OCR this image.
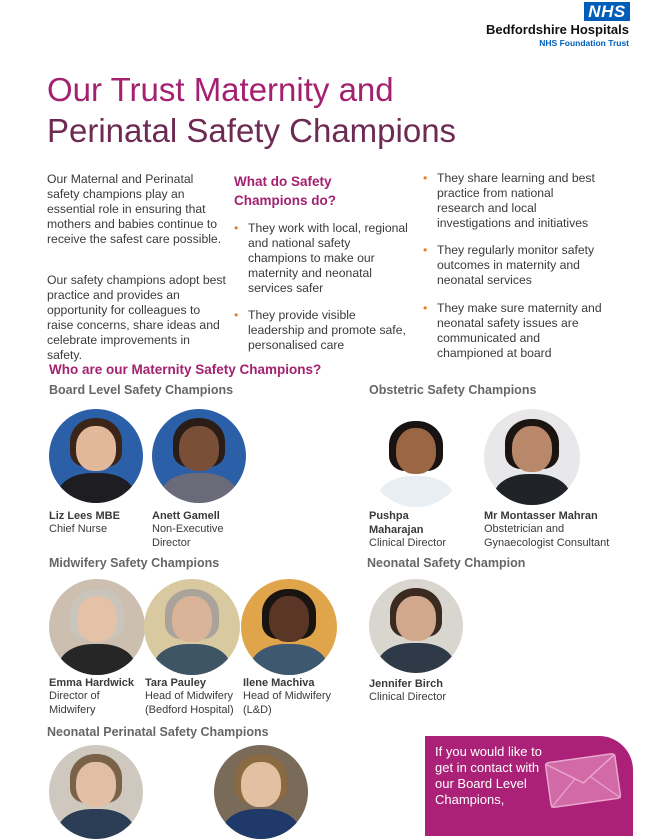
NHS
Bedfordshire Hospitals
NHS Foundation Trust
Our Trust Maternity and
Perinatal Safety Champions

Our Maternal and Perinatal safety champions play an essential role in ensuring that mothers and babies continue to receive the safest care possible.

Our safety champions adopt best practice and provides an opportunity for colleagues to raise concerns, share ideas and celebrate improvements in safety.

What do Safety Champions do?

• They work with local, regional and national safety champions to make our maternity and neonatal services safer
• They provide visible leadership and promote safe, personalised care
• They share learning and best practice from national research and local investigations and initiatives
• They regularly monitor safety outcomes in maternity and neonatal services
• They make sure maternity and neonatal safety issues are communicated and championed at board
Who are our Maternity Safety Champions?
Board Level Safety Champions	Obstetric Safety Champions
Liz Lees MBE
Chief Nurse
Anett Gamell
Non-Executive Director
Pushpa Maharajan
Clinical Director
Mr Montasser Mahran
Obstetrician and Gynaecologist Consultant
Midwifery Safety Champions	Neonatal Safety Champion
Emma Hardwick
Director of Midwifery
Tara Pauley
Head of Midwifery (Bedford Hospital)
Ilene Machiva
Head of Midwifery (L&D)
Jennifer Birch
Clinical Director
Neonatal Perinatal Safety Champions
If you would like to get in contact with our Board Level Champions,
